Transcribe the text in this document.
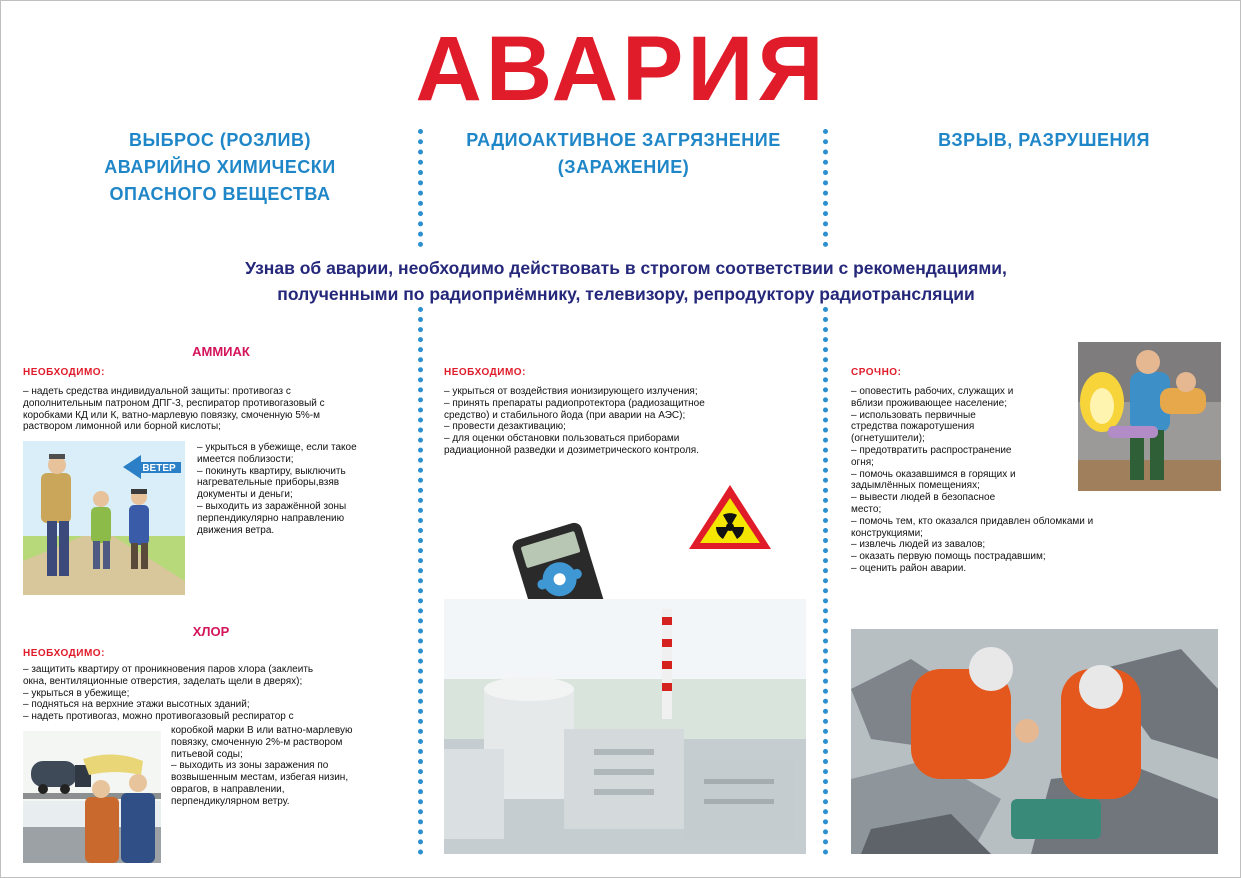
АВАРИЯ
ВЫБРОС (РОЗЛИВ)
АВАРИЙНО ХИМИЧЕСКИ
ОПАСНОГО ВЕЩЕСТВА
РАДИОАКТИВНОЕ ЗАГРЯЗНЕНИЕ
(ЗАРАЖЕНИЕ)
ВЗРЫВ, РАЗРУШЕНИЯ
Узнав об аварии, необходимо действовать в строгом соответствии с рекомендациями,
полученными по радиоприёмнику, телевизору, репродуктору радиотрансляции
АММИАК
НЕОБХОДИМО:
– надеть средства индивидуальной защиты: противогаз с
дополнительным патроном ДПГ-3, респиратор противогазовый с
коробками КД или К, ватно-марлевую повязку, смоченную 5%-м
раствором лимонной или борной кислоты;
ВЕТЕР
– укрыться в убежище, если такое
имеется поблизости;
– покинуть квартиру, выключить
нагревательные приборы,взяв
документы и деньги;
– выходить из заражённой зоны
перпендикулярно направлению
движения ветра.
ХЛОР
НЕОБХОДИМО:
– защитить квартиру от проникновения паров хлора (заклеить
окна, вентиляционные отверстия, заделать щели в дверях);
– укрыться в убежище;
– подняться на верхние этажи высотных зданий;
– надеть противогаз, можно противогазовый респиратор с
коробкой марки В или ватно-марлевую
повязку, смоченную 2%-м раствором
питьевой соды;
– выходить из зоны заражения по
возвышенным местам, избегая низин,
оврагов, в направлении,
перпендикулярном ветру.
НЕОБХОДИМО:
– укрыться от воздействия ионизирующего излучения;
– принять препараты радиопротектора (радиозащитное
средство) и стабильного йода (при аварии на АЭС);
– провести дезактивацию;
– для оценки обстановки пользоваться приборами
радиационной разведки и дозиметрического контроля.
СРОЧНО:
– оповестить рабочих, служащих и
вблизи проживающее население;
– использовать первичные
стредства пожаротушения
(огнетушители);
– предотвратить распространение
огня;
– помочь оказавшимся в горящих и
задымлённых помещениях;
– вывести людей в безопасное
место;
– помочь тем, кто оказался придавлен обломками и
конструкциями;
– извлечь людей из завалов;
– оказать первую помощь пострадавшим;
– оценить район аварии.
